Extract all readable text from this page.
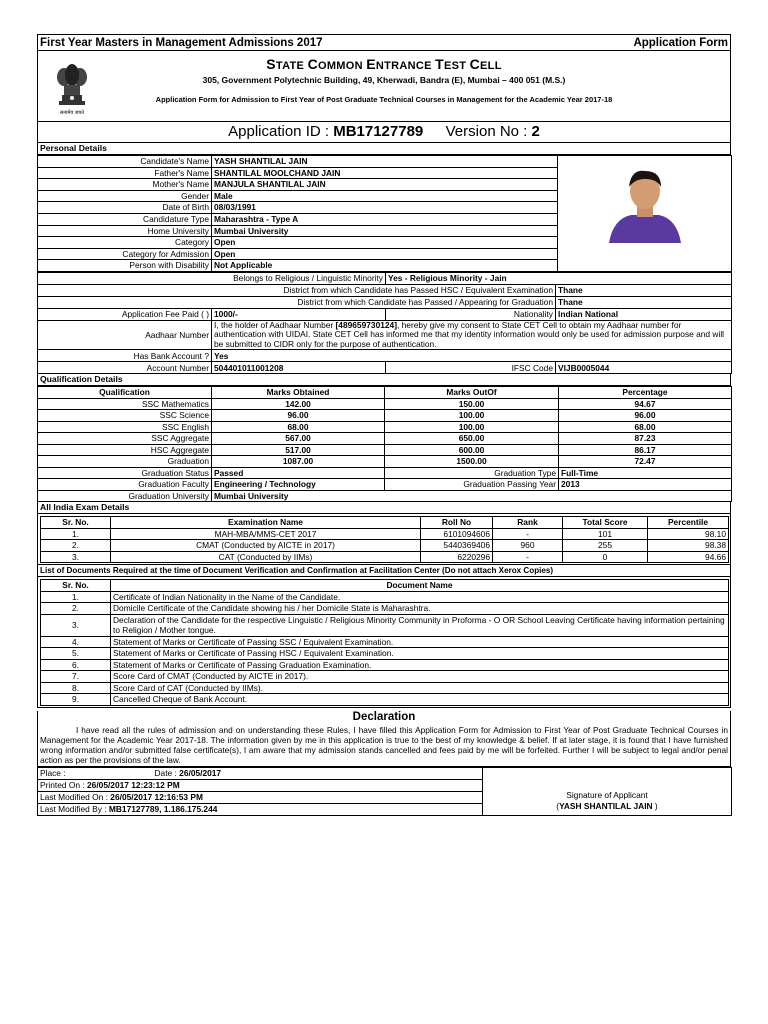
First Year Masters in Management Admissions 2017	Application Form
सत्यमेव जयते
STATE COMMON ENTRANCE TEST CELL
305, Government Polytechnic Building, 49, Kherwadi, Bandra (E), Mumbai – 400 051 (M.S.)
Application Form for Admission to First Year of Post Graduate Technical Courses in Management for the Academic Year 2017-18
Application ID : MB17127789 Version No : 2
Personal Details
Candidate's Name	YASH SHANTILAL JAIN	

Father's Name	SHANTILAL MOOLCHAND JAIN	
Mother's Name	MANJULA SHANTILAL JAIN	
Gender	Male	
Date of Birth	08/03/1991	
Candidature Type	Maharashtra - Type A	
Home University	Mumbai University	
Category	Open	
Category for Admission	Open	
Person with Disability	Not Applicable	
Belongs to Religious / Linguistic Minority		Yes - Religious Minority - Jain	
District from which Candidate has Passed HSC / Equivalent Examination			Thane
District from which Candidate has Passed / Appearing for Graduation			Thane
Application Fee Paid ( )	1000/-	Nationality	Indian National
Aadhaar Number	I, the holder of Aadhaar Number [489659730124], hereby give my consent to State CET Cell to obtain my Aadhaar number for authentication with UIDAI. State CET Cell has informed me that my identity information would only be used for admission purpose and will be submitted to CIDR only for the purpose of authentication.		
Has Bank Account ?	Yes		
Account Number	504401011001208	IFSC Code	VIJB0005044
Qualification Details
Qualification	Marks Obtained	Marks OutOf	Percentage
SSC Mathematics	142.00	150.00	94.67
SSC Science	96.00	100.00	96.00
SSC English	68.00	100.00	68.00
SSC Aggregate	567.00	650.00	87.23
HSC Aggregate	517.00	600.00	86.17
Graduation	1087.00	1500.00	72.47
Graduation Status	Passed	Graduation Type	Full-Time
Graduation Faculty	Engineering / Technology	Graduation Passing Year	2013
Graduation University	Mumbai University		
All India Exam Details
Sr. No.	Examination Name	Roll No	Rank	Total Score	Percentile
1.	MAH-MBA/MMS-CET 2017	6101094606	-	101	98.10
2.	CMAT (Conducted by AICTE in 2017)	5440369406	960	255	98.38
3.	CAT (Conducted by IIMs)	6220296	-	0	94.66
List of Documents Required at the time of Document Verification and Confirmation at Facilitation Center (Do not attach Xerox Copies)
Sr. No.	Document Name
1.	Certificate of Indian Nationality in the Name of the Candidate.
2.	Domicile Certificate of the Candidate showing his / her Domicile State is Maharashtra.
3.	Declaration of the Candidate for the respective Linguistic / Religious Minority Community in Proforma - O OR School Leaving Certificate having information pertaining to Religion / Mother tongue.
4.	Statement of Marks or Certificate of Passing SSC / Equivalent Examination.
5.	Statement of Marks or Certificate of Passing HSC / Equivalent Examination.
6.	Statement of Marks or Certificate of Passing Graduation Examination.
7.	Score Card of CMAT (Conducted by AICTE in 2017).
8.	Score Card of CAT (Conducted by IIMs).
9.	Cancelled Cheque of Bank Account.
Declaration

I have read all the rules of admission and on understanding these Rules, I have filled this Application Form for Admission to First Year of Post Graduate Technical Courses in Management for the Academic Year 2017-18. The information given by me in this application is true to the best of my knowledge & belief. If at later stage, it is found that I have furnished wrong information and/or submitted false certificate(s), I am aware that my admission stands cancelled and fees paid by me will be forfeited. Further I will be subject to legal and/or penal action as per the provisions of the law.

Place :	Date : 26/05/2017	
Signature of Applicant
(YASH SHANTILAL JAIN )

Printed On : 26/05/2017 12:23:12 PM
Last Modified On : 26/05/2017 12:16:53 PM
Last Modified By : MB17127789, 1.186.175.244
